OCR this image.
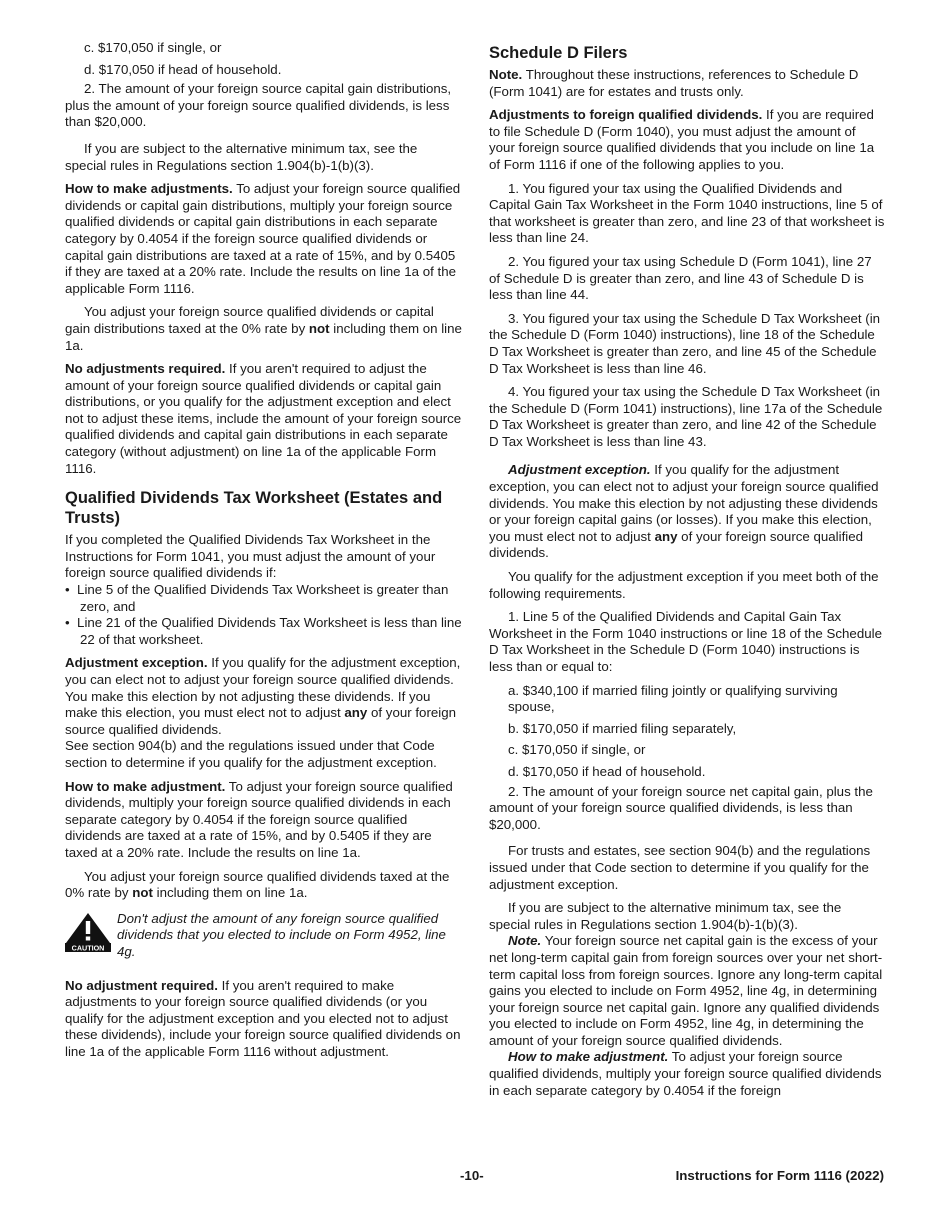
c. $170,050 if single, or

d. $170,050 if head of household.

2. The amount of your foreign source capital gain distributions, plus the amount of your foreign source qualified dividends, is less than $20,000.

If you are subject to the alternative minimum tax, see the special rules in Regulations section 1.904(b)-1(b)(3).

How to make adjustments. To adjust your foreign source qualified dividends or capital gain distributions, multiply your foreign source qualified dividends or capital gain distributions in each separate category by 0.4054 if the foreign source qualified dividends or capital gain distributions are taxed at a rate of 15%, and by 0.5405 if they are taxed at a 20% rate. Include the results on line 1a of the applicable Form 1116.

You adjust your foreign source qualified dividends or capital gain distributions taxed at the 0% rate by not including them on line 1a.

No adjustments required. If you aren't required to adjust the amount of your foreign source qualified dividends or capital gain distributions, or you qualify for the adjustment exception and elect not to adjust these items, include the amount of your foreign source qualified dividends and capital gain distributions in each separate category (without adjustment) on line 1a of the applicable Form 1116.

Qualified Dividends Tax Worksheet (Estates and Trusts)

If you completed the Qualified Dividends Tax Worksheet in the Instructions for Form 1041, you must adjust the amount of your foreign source qualified dividends if:

• Line 5 of the Qualified Dividends Tax Worksheet is greater than zero, and

• Line 21 of the Qualified Dividends Tax Worksheet is less than line 22 of that worksheet.

Adjustment exception. If you qualify for the adjustment exception, you can elect not to adjust your foreign source qualified dividends. You make this election by not adjusting these dividends. If you make this election, you must elect not to adjust any of your foreign source qualified dividends.

See section 904(b) and the regulations issued under that Code section to determine if you qualify for the adjustment exception.

How to make adjustment. To adjust your foreign source qualified dividends, multiply your foreign source qualified dividends in each separate category by 0.4054 if the foreign source qualified dividends are taxed at a rate of 15%, and by 0.5405 if they are taxed at a 20% rate. Include the results on line 1a.

You adjust your foreign source qualified dividends taxed at the 0% rate by not including them on line 1a.

CAUTION
Don't adjust the amount of any foreign source qualified dividends that you elected to include on Form 4952, line 4g.

No adjustment required. If you aren't required to make adjustments to your foreign source qualified dividends (or you qualify for the adjustment exception and you elected not to adjust these dividends), include your foreign source qualified dividends on line 1a of the applicable Form 1116 without adjustment.

Schedule D Filers

Note. Throughout these instructions, references to Schedule D (Form 1041) are for estates and trusts only.

Adjustments to foreign qualified dividends. If you are required to file Schedule D (Form 1040), you must adjust the amount of your foreign source qualified dividends that you include on line 1a of Form 1116 if one of the following applies to you.

1. You figured your tax using the Qualified Dividends and Capital Gain Tax Worksheet in the Form 1040 instructions, line 5 of that worksheet is greater than zero, and line 23 of that worksheet is less than line 24.

2. You figured your tax using Schedule D (Form 1041), line 27 of Schedule D is greater than zero, and line 43 of Schedule D is less than line 44.

3. You figured your tax using the Schedule D Tax Worksheet (in the Schedule D (Form 1040) instructions), line 18 of the Schedule D Tax Worksheet is greater than zero, and line 45 of the Schedule D Tax Worksheet is less than line 46.

4. You figured your tax using the Schedule D Tax Worksheet (in the Schedule D (Form 1041) instructions), line 17a of the Schedule D Tax Worksheet is greater than zero, and line 42 of the Schedule D Tax Worksheet is less than line 43.

Adjustment exception. If you qualify for the adjustment exception, you can elect not to adjust your foreign source qualified dividends. You make this election by not adjusting these dividends or your foreign capital gains (or losses). If you make this election, you must elect not to adjust any of your foreign source qualified dividends.

You qualify for the adjustment exception if you meet both of the following requirements.

1. Line 5 of the Qualified Dividends and Capital Gain Tax Worksheet in the Form 1040 instructions or line 18 of the Schedule D Tax Worksheet in the Schedule D (Form 1040) instructions is less than or equal to:

a. $340,100 if married filing jointly or qualifying surviving spouse,

b. $170,050 if married filing separately,

c. $170,050 if single, or

d. $170,050 if head of household.

2. The amount of your foreign source net capital gain, plus the amount of your foreign source qualified dividends, is less than $20,000.

For trusts and estates, see section 904(b) and the regulations issued under that Code section to determine if you qualify for the adjustment exception.

If you are subject to the alternative minimum tax, see the special rules in Regulations section 1.904(b)-1(b)(3).

Note. Your foreign source net capital gain is the excess of your net long-term capital gain from foreign sources over your net short-term capital loss from foreign sources. Ignore any long-term capital gains you elected to include on Form 4952, line 4g, in determining your foreign source net capital gain. Ignore any qualified dividends you elected to include on Form 4952, line 4g, in determining the amount of your foreign source qualified dividends.

How to make adjustment. To adjust your foreign source qualified dividends, multiply your foreign source qualified dividends in each separate category by 0.4054 if the foreign

-10-	Instructions for Form 1116 (2022)
